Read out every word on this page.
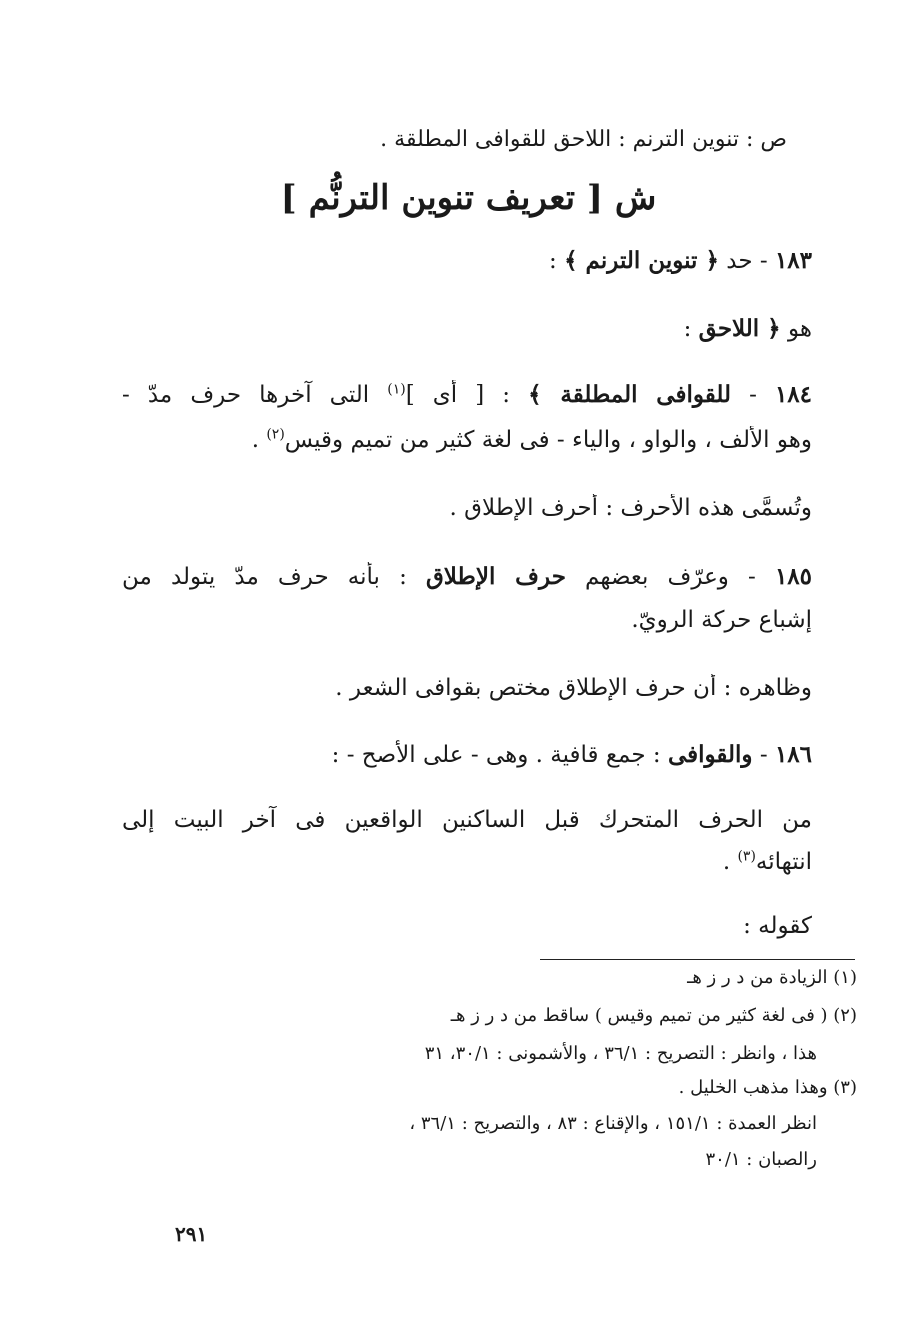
ص : تنوين الترنم : اللاحق للقوافى المطلقة .
ش [ تعريف تنوين الترنُّم ]
١٨٣ - حد ﴿ تنوين الترنم ﴾ :
هو ﴿ اللاحق :
١٨٤ - للقوافى المطلقة ﴾ : [ أى ]$^{(١)}$ التى آخرها حرف مدّ -
وهو الألف ، والواو ، والياء - فى لغة كثير من تميم وقيس$^{(٢)}$ .
وتُسمَّى هذه الأحرف : أحرف الإطلاق .
١٨٥ - وعرّف بعضهم حرف الإطلاق : بأنه حرف مدّ يتولد من
إشباع حركة الرويّ.
وظاهره : أن حرف الإطلاق مختص بقوافى الشعر .
١٨٦ - والقوافى : جمع قافية . وهى - على الأصح - :
من الحرف المتحرك قبل الساكنين الواقعين فى آخر البيت إلى
انتهائه$^{(٣)}$ .
كقوله :
(١) الزيادة من د ر ز هـ
(٢) ( فى لغة كثير من تميم وقيس ) ساقط من د ر ز هـ
هذا ، وانظر : التصريح : ٣٦/١ ، والأشمونى : ٣٠/١، ٣١
(٣) وهذا مذهب الخليل .
انظر العمدة : ١٥١/١ ، والإقناع : ٨٣ ، والتصريح : ٣٦/١ ،
رالصبان : ٣٠/١
٢٩١
